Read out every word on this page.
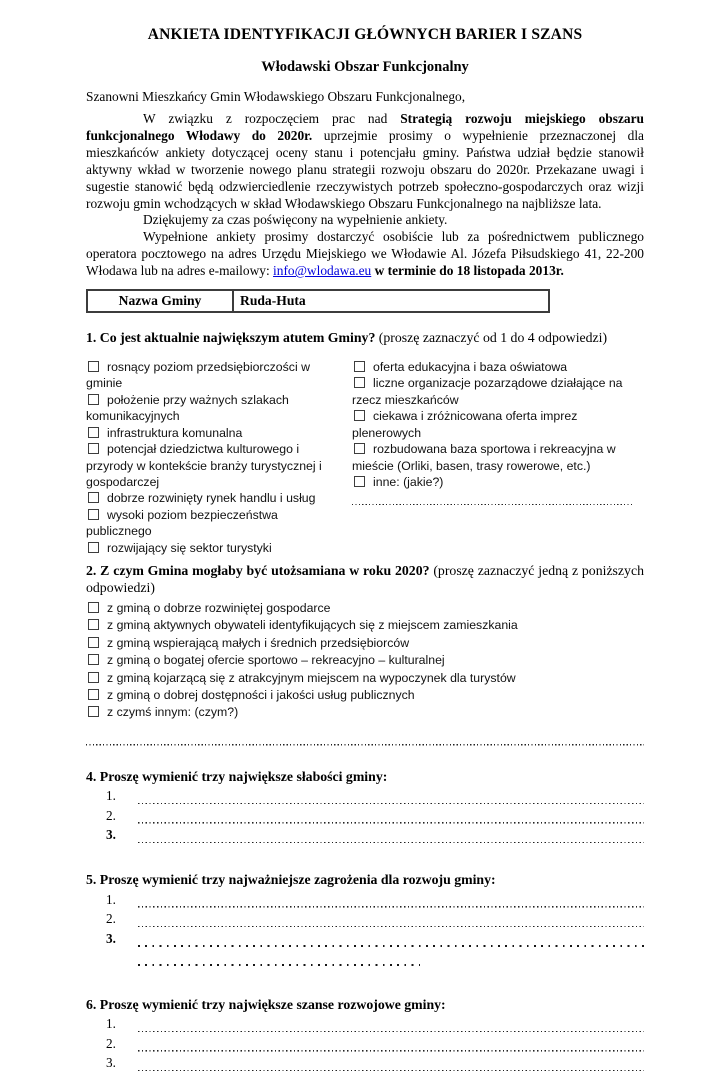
ANKIETA IDENTYFIKACJI GŁÓWNYCH BARIER I SZANS
Włodawski Obszar Funkcjonalny
Szanowni Mieszkańcy Gmin Włodawskiego Obszaru Funkcjonalnego,

W związku z rozpoczęciem prac nad Strategią rozwoju miejskiego obszaru funkcjonalnego Włodawy do 2020r. uprzejmie prosimy o wypełnienie przeznaczonej dla mieszkańców ankiety dotyczącej oceny stanu i potencjału gminy. Państwa udział będzie stanowił aktywny wkład w tworzenie nowego planu strategii rozwoju obszaru do 2020r. Przekazane uwagi i sugestie stanowić będą odzwierciedlenie rzeczywistych potrzeb społeczno-gospodarczych oraz wizji rozwoju gmin wchodzących w skład Włodawskiego Obszaru Funkcjonalnego na najbliższe lata.

Dziękujemy za czas poświęcony na wypełnienie ankiety.

Wypełnione ankiety prosimy dostarczyć osobiście lub za pośrednictwem publicznego operatora pocztowego na adres Urzędu Miejskiego we Włodawie Al. Józefa Piłsudskiego 41, 22-200 Włodawa lub na adres e-mailowy: info@wlodawa.eu w terminie do 18 listopada 2013r.

Nazwa Gminy	Ruda-Huta
1. Co jest aktualnie największym atutem Gminy? (proszę zaznaczyć od 1 do 4 odpowiedzi)
rosnący poziom przedsiębiorczości w gminie
położenie przy ważnych szlakach komunikacyjnych
infrastruktura komunalna
potencjał dziedzictwa kulturowego i przyrody w kontekście branży turystycznej i gospodarczej
dobrze rozwinięty rynek handlu i usług
wysoki poziom bezpieczeństwa publicznego
rozwijający się sektor turystyki
oferta edukacyjna i baza oświatowa
liczne organizacje pozarządowe działające na rzecz mieszkańców
ciekawa i zróżnicowana oferta imprez plenerowych
rozbudowana baza sportowa i rekreacyjna w mieście (Orliki, basen, trasy rowerowe, etc.)
inne: (jakie?)
2. Z czym Gmina mogłaby być utożsamiana w roku 2020? (proszę zaznaczyć jedną z poniższych odpowiedzi)
z gminą o dobrze rozwiniętej gospodarce
z gminą aktywnych obywateli identyfikujących się z miejscem zamieszkania
z gminą wspierającą małych i średnich przedsiębiorców
z gminą o bogatej ofercie sportowo – rekreacyjno – kulturalnej
z gminą kojarzącą się z atrakcyjnym miejscem na wypoczynek dla turystów
z gminą o dobrej dostępności i jakości usług publicznych
z czymś innym: (czym?)
4. Proszę wymienić trzy największe słabości gminy:
1.
2.
3.
5. Proszę wymienić trzy najważniejsze zagrożenia dla rozwoju gminy:
1.
2.
3.
6. Proszę wymienić trzy największe szanse rozwojowe gminy:
1.
2.
3.
